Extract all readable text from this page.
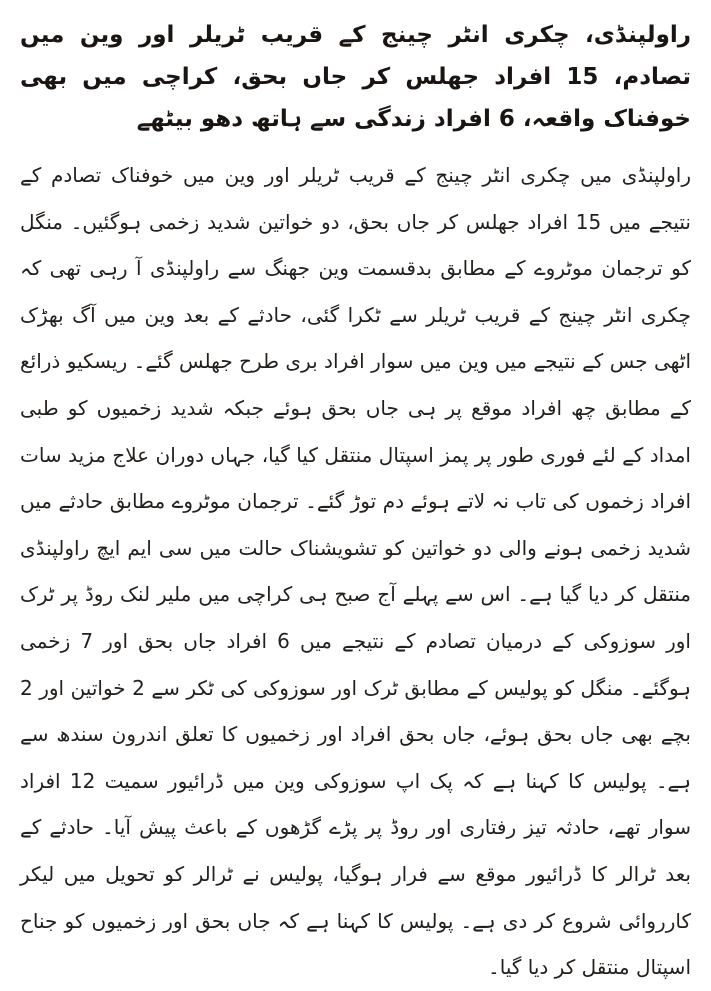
راولپنڈی، چکری انٹر چینج کے قریب ٹریلر اور وین میں تصادم، 15 افراد جھلس کر جاں بحق، کراچی میں بھی خوفناک واقعہ، 6 افراد زندگی سے ہاتھ دھو بیٹھے

راولپنڈی میں چکری انٹر چینج کے قریب ٹریلر اور وین میں خوفناک تصادم کے نتیجے میں 15 افراد جھلس کر جاں بحق، دو خواتین شدید زخمی ہوگئیں۔ منگل کو ترجمان موٹروے کے مطابق بدقسمت وین جھنگ سے راولپنڈی آ رہی تھی کہ چکری انٹر چینج کے قریب ٹریلر سے ٹکرا گئی، حادثے کے بعد وین میں آگ بھڑک اٹھی جس کے نتیجے میں وین میں سوار افراد بری طرح جھلس گئے۔ ریسکیو ذرائع کے مطابق چھ افراد موقع پر ہی جاں بحق ہوئے جبکہ شدید زخمیوں کو طبی امداد کے لئے فوری طور پر پمز اسپتال منتقل کیا گیا، جہاں دوران علاج مزید سات افراد زخموں کی تاب نہ لاتے ہوئے دم توڑ گئے۔ ترجمان موٹروے مطابق حادثے میں شدید زخمی ہونے والی دو خواتین کو تشویشناک حالت میں سی ایم ایچ راولپنڈی منتقل کر دیا گیا ہے۔ اس سے پہلے آج صبح ہی کراچی میں ملیر لنک روڈ پر ٹرک اور سوزوکی کے درمیان تصادم کے نتیجے میں 6 افراد جاں بحق اور 7 زخمی ہوگئے۔ منگل کو پولیس کے مطابق ٹرک اور سوزوکی کی ٹکر سے 2 خواتین اور 2 بچے بھی جاں بحق ہوئے، جاں بحق افراد اور زخمیوں کا تعلق اندرون سندھ سے ہے۔ پولیس کا کہنا ہے کہ پک اپ سوزوکی وین میں ڈرائیور سمیت 12 افراد سوار تھے، حادثہ تیز رفتاری اور روڈ پر پڑے گڑھوں کے باعث پیش آیا۔ حادثے کے بعد ٹرالر کا ڈرائیور موقع سے فرار ہوگیا، پولیس نے ٹرالر کو تحویل میں لیکر کارروائی شروع کر دی ہے۔ پولیس کا کہنا ہے کہ جاں بحق اور زخمیوں کو جناح اسپتال منتقل کر دیا گیا۔
